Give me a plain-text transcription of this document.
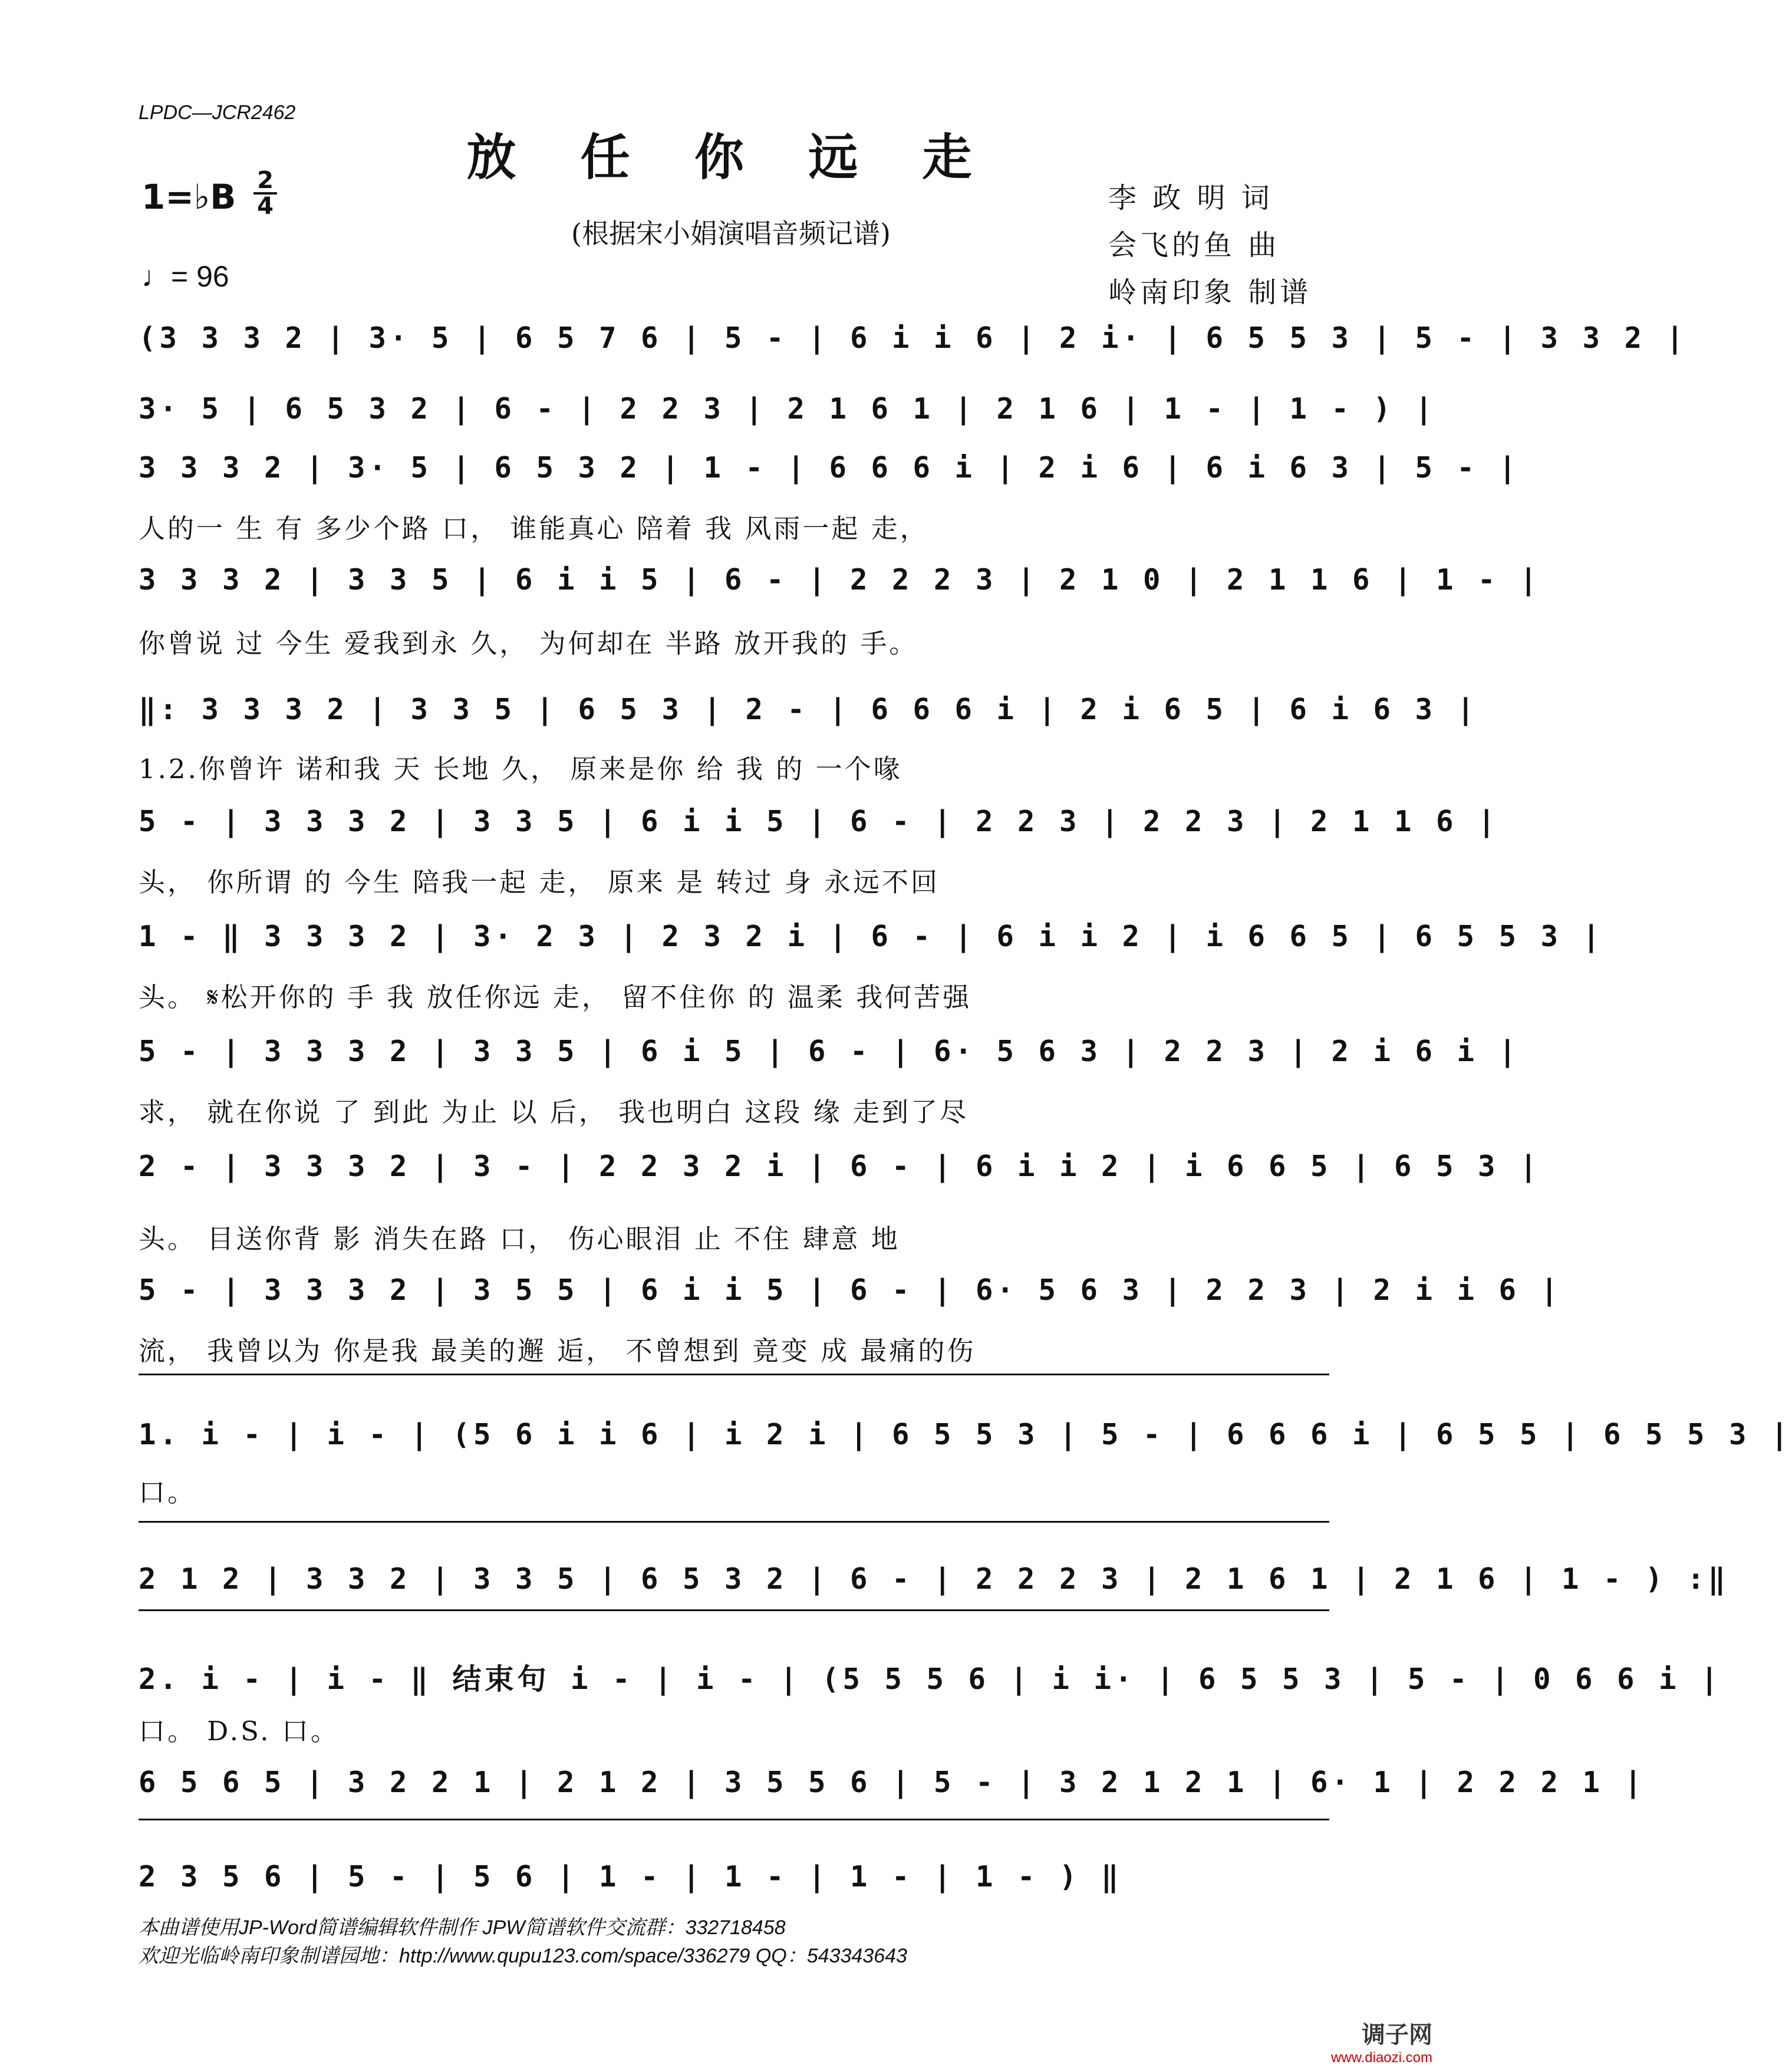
LPDC—JCR2462
放 任 你 远 走
1=♭B $\frac{2}{4}$
(根据宋小娟演唱音频记谱)
♩= 96
李 政 明 词
会飞的鱼 曲
岭南印象 制谱
(3 3 3 2 | 3· 5 | 6 5 7 6 | 5 - | 6 i i 6 | 2 i· | 6 5 5 3 | 5 - | 3 3 2 |
3· 5 | 6 5 3 2 | 6 - | 2 2 3 | 2 1 6 1 | 2 1 6 | 1 - | 1 - ) |
3 3 3 2 | 3· 5 | 6 5 3 2 | 1 - | 6 6 6 i | 2 i 6 | 6 i 6 3 | 5 - |
人的一 生 有 多少个路 口， 谁能真心 陪着 我 风雨一起 走，
3 3 3 2 | 3 3 5 | 6 i i 5 | 6 - | 2 2 2 3 | 2 1 0 | 2 1 1 6 | 1 - |
你曾说 过 今生 爱我到永 久， 为何却在 半路 放开我的 手。
‖: 3 3 3 2 | 3 3 5 | 6 5 3 | 2 - | 6 6 6 i | 2 i 6 5 | 6 i 6 3 |
1.2.你曾许 诺和我 天 长地 久， 原来是你 给 我 的 一个喙
5 - | 3 3 3 2 | 3 3 5 | 6 i i 5 | 6 - | 2 2 3 | 2 2 3 | 2 1 1 6 |
头， 你所谓 的 今生 陪我一起 走， 原来 是 转过 身 永远不回
1 - ‖ 3 3 3 2 | 3· 2 3 | 2 3 2 i | 6 - | 6 i i 2 | i 6 6 5 | 6 5 5 3 |
头。 𝄋松开你的 手 我 放任你远 走， 留不住你 的 温柔 我何苦强
5 - | 3 3 3 2 | 3 3 5 | 6 i 5 | 6 - | 6· 5 6 3 | 2 2 3 | 2 i 6 i |
求， 就在你说 了 到此 为止 以 后， 我也明白 这段 缘 走到了尽
2 - | 3 3 3 2 | 3 - | 2 2 3 2 i | 6 - | 6 i i 2 | i 6 6 5 | 6 5 3 |
头。 目送你背 影 消失在路 口， 伤心眼泪 止 不住 肆意 地
5 - | 3 3 3 2 | 3 5 5 | 6 i i 5 | 6 - | 6· 5 6 3 | 2 2 3 | 2 i i 6 |
流， 我曾以为 你是我 最美的邂 逅， 不曾想到 竟变 成 最痛的伤
1. i - | i - | (5 6 i i 6 | i 2 i | 6 5 5 3 | 5 - | 6 6 6 i | 6 5 5 | 6 5 5 3 |
口。
2 1 2 | 3 3 2 | 3 3 5 | 6 5 3 2 | 6 - | 2 2 2 3 | 2 1 6 1 | 2 1 6 | 1 - ) :‖
2. i - | i - ‖ 结束句 i - | i - | (5 5 5 6 | i i· | 6 5 5 3 | 5 - | 0 6 6 i |
口。 D.S. 口。
6 5 6 5 | 3 2 2 1 | 2 1 2 | 3 5 5 6 | 5 - | 3 2 1 2 1 | 6· 1 | 2 2 2 1 |
2 3 5 6 | 5 - | 5 6 | 1 - | 1 - | 1 - | 1 - ) ‖
本曲谱使用JP-Word简谱编辑软件制作 JPW简谱软件交流群：332718458
欢迎光临岭南印象制谱园地：http://www.qupu123.com/space/336279 QQ：543343643
调子网
www.diaozi.com
